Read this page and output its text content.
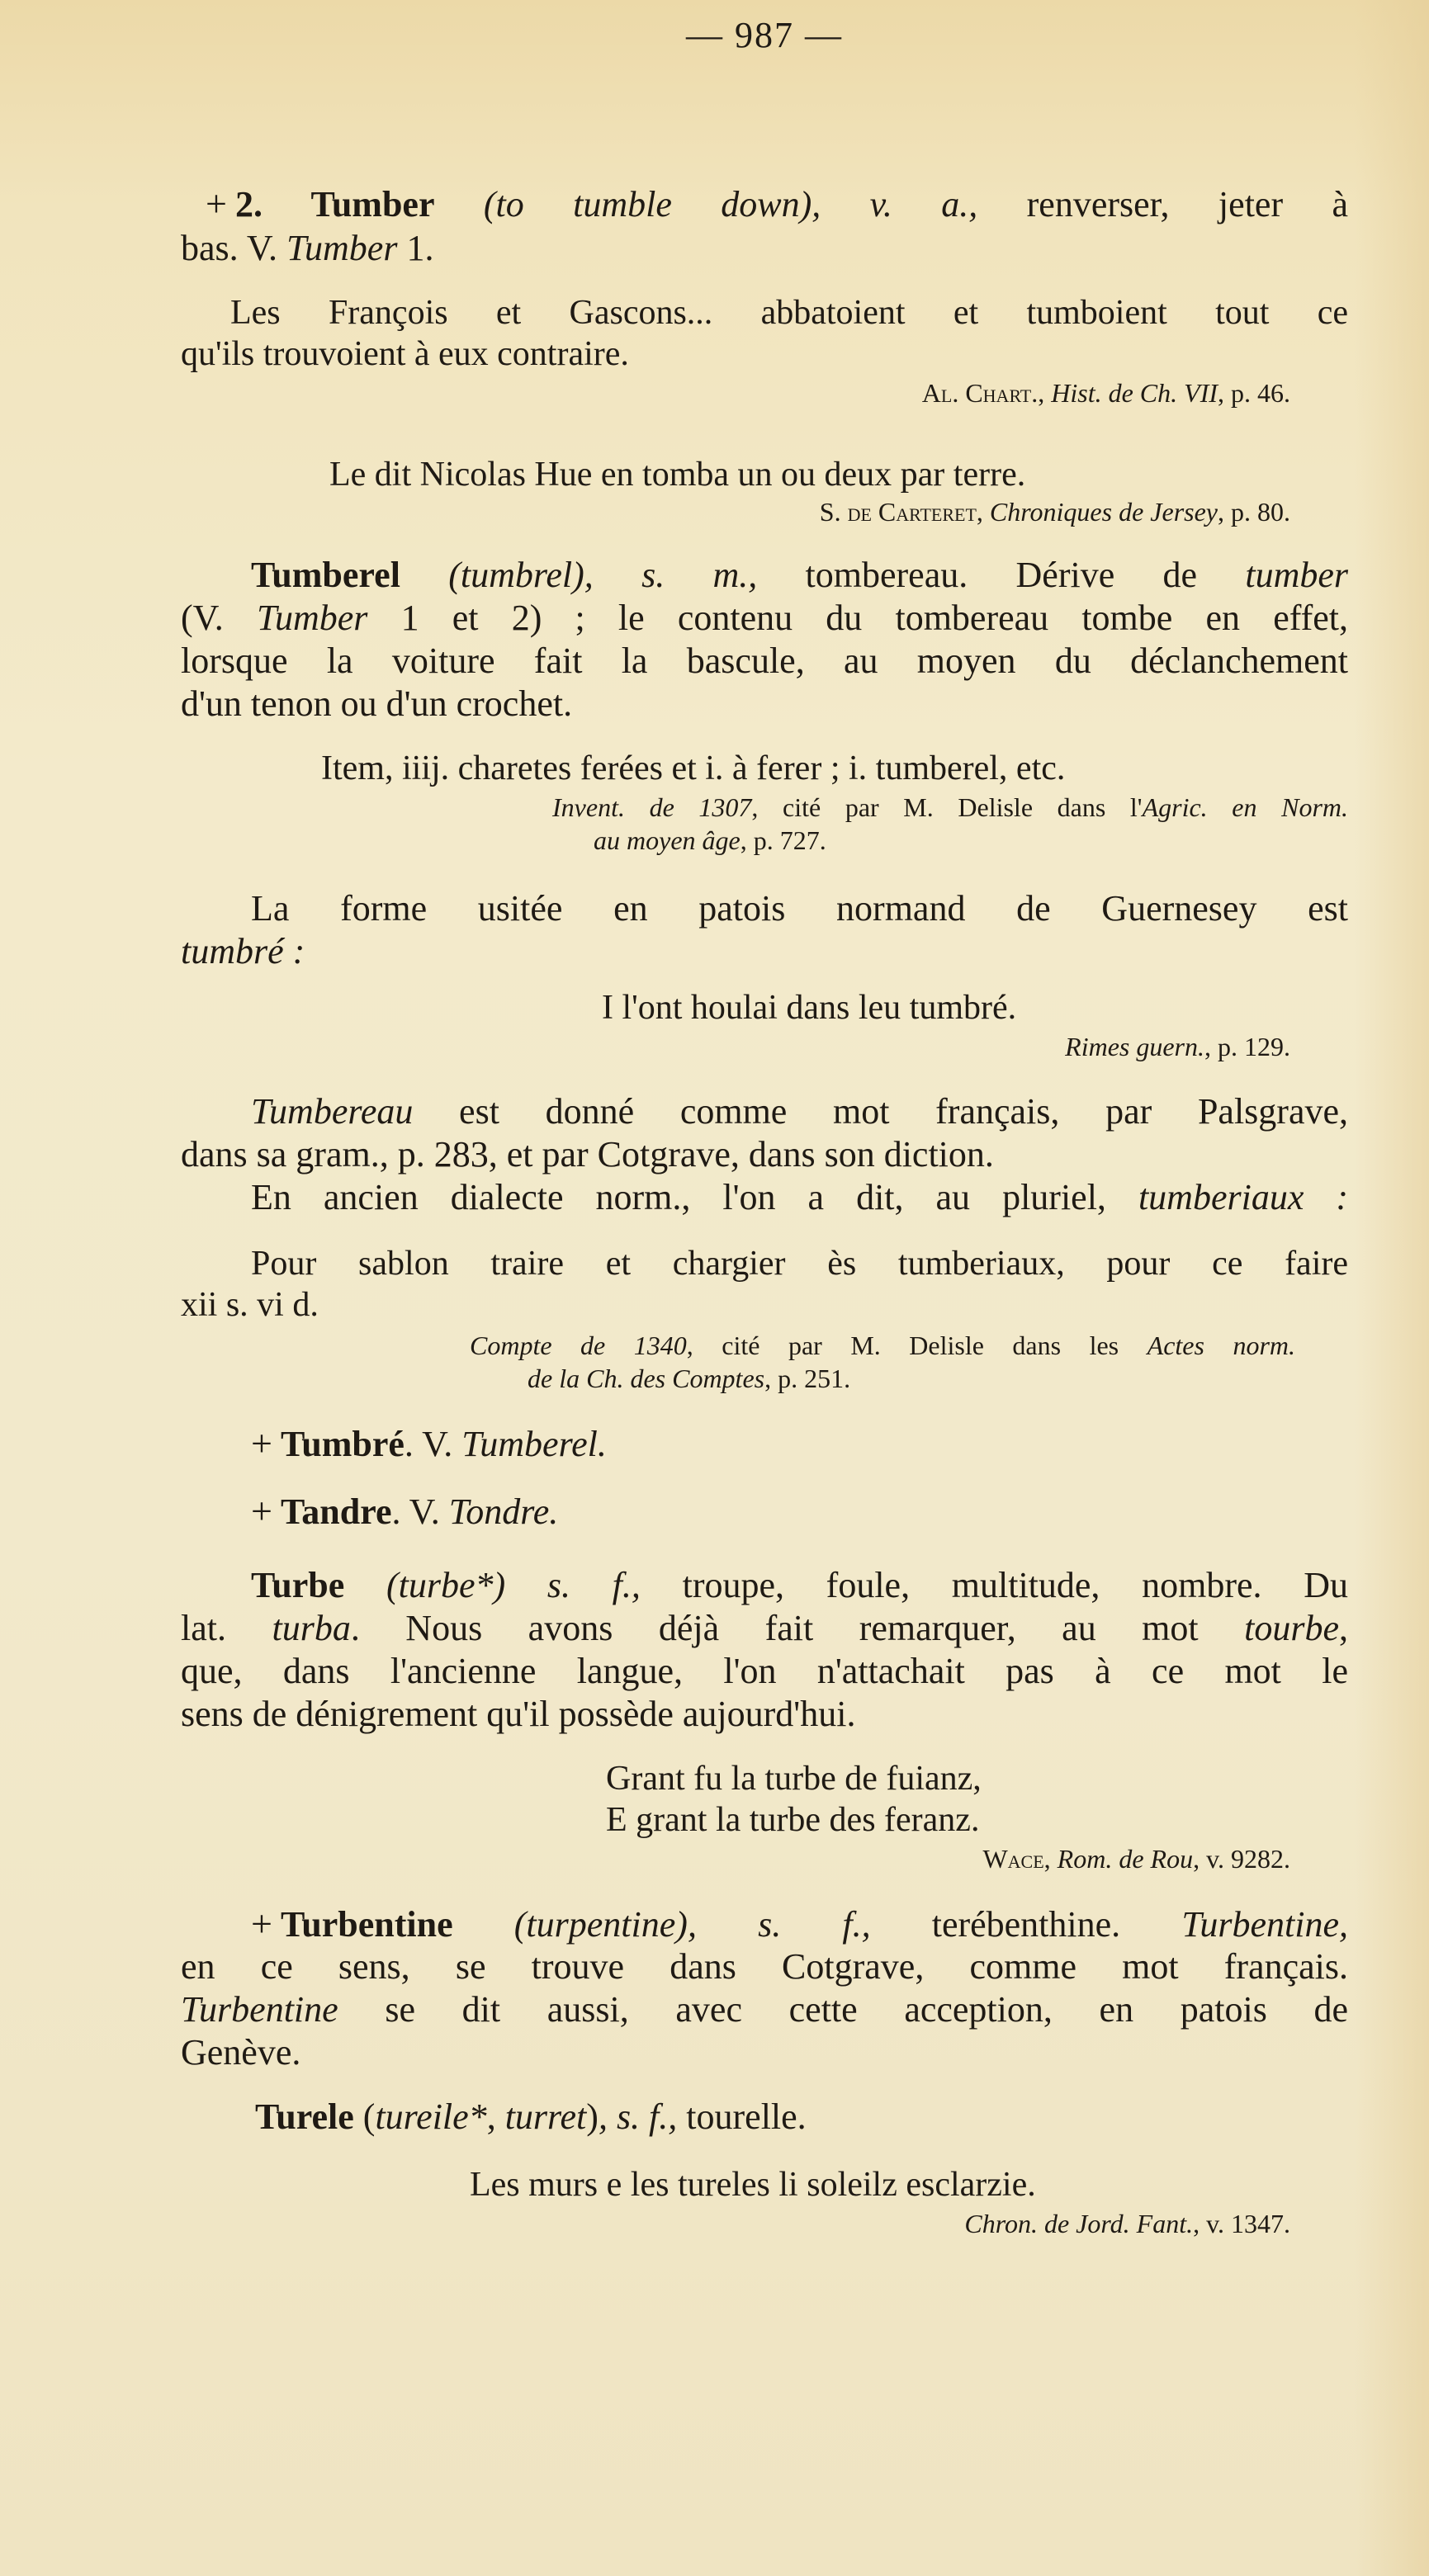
— 987 —
+ 2. Tumber (to tumble down), v. a., renverser, jeter à
bas. V. Tumber 1.
Les François et Gascons... abbatoient et tumboient tout ce
qu'ils trouvoient à eux contraire.
Al. Chart., Hist. de Ch. VII, p. 46.
Le dit Nicolas Hue en tomba un ou deux par terre.
S. de Carteret, Chroniques de Jersey, p. 80.
Tumberel (tumbrel), s. m., tombereau. Dérive de tumber
(V. Tumber 1 et 2) ; le contenu du tombereau tombe en effet,
lorsque la voiture fait la bascule, au moyen du déclanchement
d'un tenon ou d'un crochet.
Item, iiij. charetes ferées et i. à ferer ; i. tumberel, etc.
Invent. de 1307, cité par M. Delisle dans l'Agric. en Norm.
au moyen âge, p. 727.
La forme usitée en patois normand de Guernesey est
tumbré :
I l'ont houlai dans leu tumbré.
Rimes guern., p. 129.
Tumbereau est donné comme mot français, par Palsgrave,
dans sa gram., p. 283, et par Cotgrave, dans son diction.
En ancien dialecte norm., l'on a dit, au pluriel, tumberiaux :
Pour sablon traire et chargier ès tumberiaux, pour ce faire
xii s. vi d.
Compte de 1340, cité par M. Delisle dans les Actes norm.
de la Ch. des Comptes, p. 251.
+ Tumbré. V. Tumberel.
+ Tandre. V. Tondre.
Turbe (turbe*) s. f., troupe, foule, multitude, nombre. Du
lat. turba. Nous avons déjà fait remarquer, au mot tourbe,
que, dans l'ancienne langue, l'on n'attachait pas à ce mot le
sens de dénigrement qu'il possède aujourd'hui.
Grant fu la turbe de fuianz,
E grant la turbe des feranz.
Wace, Rom. de Rou, v. 9282.
+ Turbentine (turpentine), s. f., terébenthine. Turbentine,
en ce sens, se trouve dans Cotgrave, comme mot français.
Turbentine se dit aussi, avec cette acception, en patois de
Genève.
Turele (tureile*, turret), s. f., tourelle.
Les murs e les tureles li soleilz esclarzie.
Chron. de Jord. Fant., v. 1347.
